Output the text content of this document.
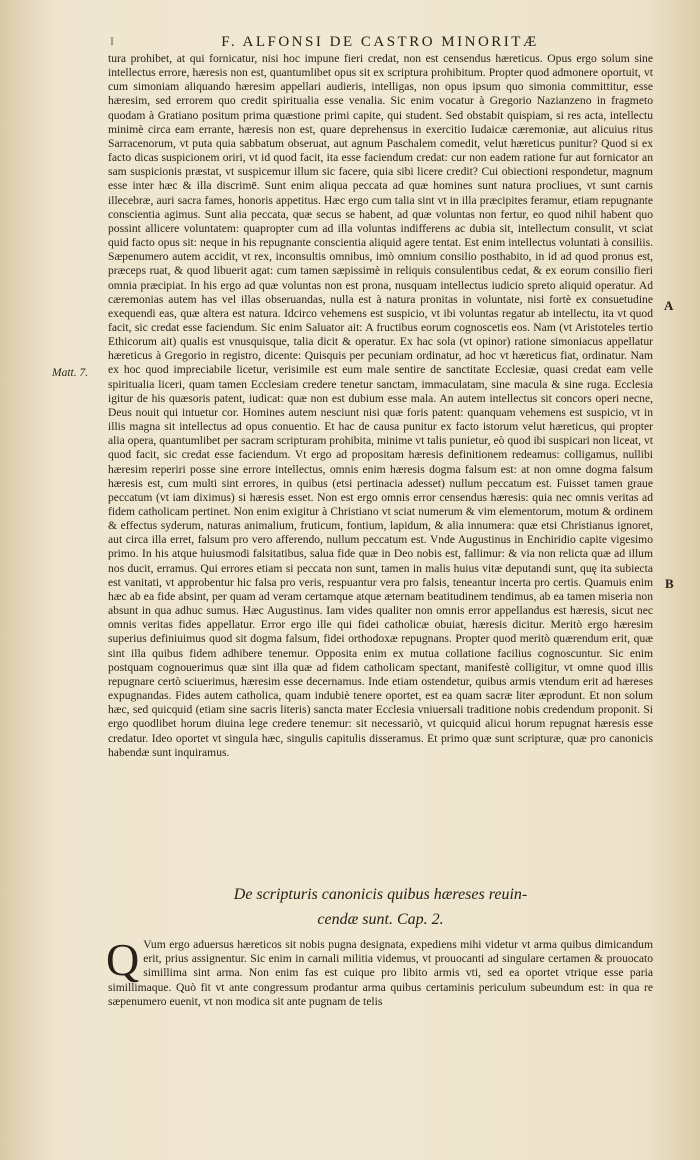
I	F. ALFONSI DE CASTRO MINORITÆ
Matt. 7.
A
B

tura prohibet, at qui fornicatur, nisi hoc impune fieri credat, non est censendus hæreticus. Opus ergo solum sine intellectus errore, hæresis non est, quantumlibet opus sit ex scriptura prohibitum. Propter quod admonere oportuit, vt cum simoniam aliquando hæresim appellari audieris, intelligas, non opus ipsum quo simonia committitur, esse hæresim, sed errorem quo credit spiritualia esse venalia. Sic enim vocatur à Gregorio Nazianzeno in fragmeto quodam à Gratiano positum prima quæstione primi capite, qui student. Sed obstabit quispiam, si res acta, intellectu minimè circa eam errante, hæresis non est, quare deprehensus in exercitio Iudaicæ cæremoniæ, aut alicuius ritus Sarracenorum, vt puta quia sabbatum obseruat, aut agnum Paschalem comedit, velut hæreticus punitur? Quod si ex facto dicas suspicionem oriri, vt id quod facit, ita esse faciendum credat: cur non eadem ratione fur aut fornicator an sam suspicionis præstat, vt suspicemur illum sic facere, quia sibi licere credit? Cui obiectioni respondetur, magnum esse inter hæc & illa discrimē. Sunt enim aliqua peccata ad quæ homines sunt natura procliues, vt sunt carnis illecebræ, auri sacra fames, honoris appetitus. Hæc ergo cum talia sint vt in illa præcipites feramur, etiam repugnante conscientia agimus. Sunt alia peccata, quæ secus se habent, ad quæ voluntas non fertur, eo quod nihil habent quo possint allicere voluntatem: quapropter cum ad illa voluntas indifferens ac dubia sit, intellectum consulit, vt sciat quid facto opus sit: neque in his repugnante conscientia aliquid agere tentat. Est enim intellectus voluntati à consiliis. Sæpenumero autem accidit, vt rex, inconsultis omnibus, imò omnium consilio posthabito, in id ad quod pronus est, præceps ruat, & quod libuerit agat: cum tamen sæpissimè in reliquis consulentibus cedat, & ex eorum consilio fieri omnia præcipiat. In his ergo ad quæ voluntas non est prona, nusquam intellectus iudicio spreto aliquid operatur. Ad cæremonias autem has vel illas obseruandas, nulla est à natura pronitas in voluntate, nisi fortè ex consuetudine exequendi eas, quæ altera est natura. Idcirco vehemens est suspicio, vt ibi voluntas regatur ab intellectu, ita vt quod facit, sic credat esse faciendum. Sic enim Saluator ait: A fructibus eorum cognoscetis eos. Nam (vt Aristoteles tertio Ethicorum ait) qualis est vnusquisque, talia dicit & operatur. Ex hac sola (vt opinor) ratione simoniacus appellatur hæreticus à Gregorio in registro, dicente: Quisquis per pecuniam ordinatur, ad hoc vt hæreticus fiat, ordinatur. Nam ex hoc quod impreciabile licetur, verisimile est eum male sentire de sanctitate Ecclesiæ, quasi credat eam velle spiritualia liceri, quam tamen Ecclesiam credere tenetur sanctam, immaculatam, sine macula & sine ruga. Ecclesia igitur de his quæsoris patent, iudicat: quæ non est dubium esse mala. An autem intellectus sit concors operi necne, Deus nouit qui intuetur cor. Homines autem nesciunt nisi quæ foris patent: quanquam vehemens est suspicio, vt in illis magna sit intellectus ad opus conuentio. Et hac de causa punitur ex facto istorum velut hæreticus, qui propter alia opera, quantumlibet per sacram scripturam prohibita, minime vt talis punietur, eò quod ibi suspicari non liceat, vt quod facit, sic credat esse faciendum. Vt ergo ad propositam hæresis definitionem redeamus: colligamus, nullibi hæresim reperiri posse sine errore intellectus, omnis enim hæresis dogma falsum est: at non omne dogma falsum hæresis est, cum multi sint errores, in quibus (etsi pertinacia adesset) nullum peccatum est. Fuisset tamen graue peccatum (vt iam diximus) si hæresis esset. Non est ergo omnis error censendus hæresis: quia nec omnis veritas ad fidem catholicam pertinet. Non enim exigitur à Christiano vt sciat numerum & vim elementorum, motum & ordinem & effectus syderum, naturas animalium, fruticum, fontium, lapidum, & alia innumera: quæ etsi Christianus ignoret, aut circa illa erret, falsum pro vero afferendo, nullum peccatum est. Vnde Augustinus in Enchiridio capite vigesimo primo. In his atque huiusmodi falsitatibus, salua fide quæ in Deo nobis est, fallimur: & via non relicta quæ ad illum nos ducit, erramus. Qui errores etiam si peccata non sunt, tamen in malis huius vitæ deputandi sunt, quę ita subiecta est vanitati, vt approbentur hic falsa pro veris, respuantur vera pro falsis, teneantur incerta pro certis. Quamuis enim hæc ab ea fide absint, per quam ad veram certamque atque æternam beatitudinem tendimus, ab ea tamen miseria non absunt in qua adhuc sumus. Hæc Augustinus. Iam vides qualiter non omnis error appellandus est hæresis, sicut nec omnis veritas fides appellatur. Error ergo ille qui fidei catholicæ obuiat, hæresis dicitur. Meritò ergo hæresim superius definiuimus quod sit dogma falsum, fidei orthodoxæ repugnans. Propter quod meritò quærendum erit, quæ sint illa quibus fidem adhibere tenemur. Opposita enim ex mutua collatione facilius cognoscuntur. Sic enim postquam cognouerimus quæ sint illa quæ ad fidem catholicam spectant, manifestè colligitur, vt omne quod illis repugnare certò sciuerimus, hæresim esse decernamus. Inde etiam ostendetur, quibus armis vtendum erit ad hæreses expugnandas. Fides autem catholica, quam indubiè tenere oportet, est ea quam sacræ liter æprodunt. Et non solum hæc, sed quicquid (etiam sine sacris literis) sancta mater Ecclesia vniuersali traditione nobis credendum proponit. Si ergo quodlibet horum diuina lege credere tenemur: sit necessariò, vt quicquid alicui horum repugnat hæresis esse credatur. Ideo oportet vt singula hæc, singulis capitulis disseramus. Et primo quæ sunt scripturæ, quæ pro canonicis habendæ sunt inquiramus.

De scripturis canonicis quibus hæreses reuin-
cendæ sunt. Cap. 2.
Q Vum ergo aduersus hæreticos sit nobis pugna designata, expediens mihi videtur vt arma quibus dimicandum erit, prius assignentur. Sic enim in carnali militia videmus, vt prouocanti ad singulare certamen & prouocato simillima sint arma. Non enim fas est cuique pro libito armis vti, sed ea oportet vtrique esse paria simillimaque. Quò fit vt ante congressum prodantur arma quibus certaminis periculum subeundum est: in qua re sæpenumero euenit, vt non modica sit ante pugnam de telis
